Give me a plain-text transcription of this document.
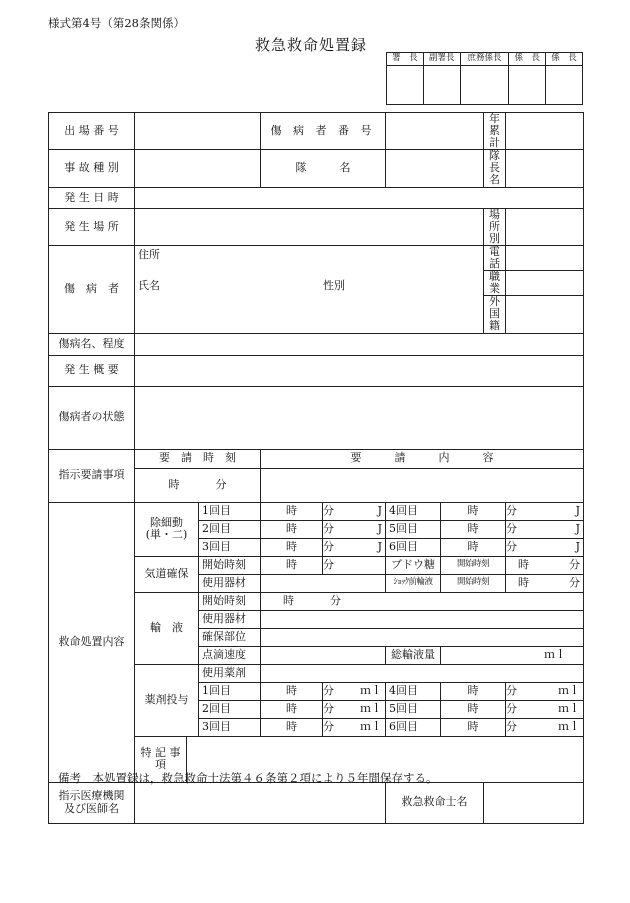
様式第4号（第28条関係）
救急救命処置録
署　長	副署長	庶務係長	係　長	係　長

出 場 番 号				傷 病 者 番 号				年　累　計	
事 故 種 別				隊　　　名				隊 長 名	
発 生 日 時									
発 生 場 所								場 所 別	
傷　病　者	住所
氏名 性別							電　　話	
								職　　業	
								外 国 籍	
傷病名、程度									
発 生 概 要									
傷病者の状態									
指示要請事項	要　請　時　刻			要　　　請　　　内　　　容					
	時 分								
救命処置内容	除細動
(単・二)		1回目	時	分 J	4回目	時		分 J

			2回目	時	分 J	5回目	時		分 J

			3回目	時	分 J	6回目	時		分 J

	気道確保		開始時刻	時	分	ブドウ糖	開始時刻		時 分

			使用器材			ｼｮｯｸ前輪液	開始時刻		時 分

	輸　液		開始時刻	時 分					
			使用器材						
			確保部位						
			点滴速度			総輸液量	ｍｌ		
	薬剤投与		使用薬剤						
			1回目	時	分 ｍｌ	4回目	時		分 ｍｌ

			2回目	時	分 ｍｌ	5回目	時		分 ｍｌ

			3回目	時	分 ｍｌ	6回目	時		分 ｍｌ

	特 記 事 項								
指示医療機関
及び医師名						救急救命士名			
備考　本処置録は，救急救命士法第４６条第２項により５年間保存する。
